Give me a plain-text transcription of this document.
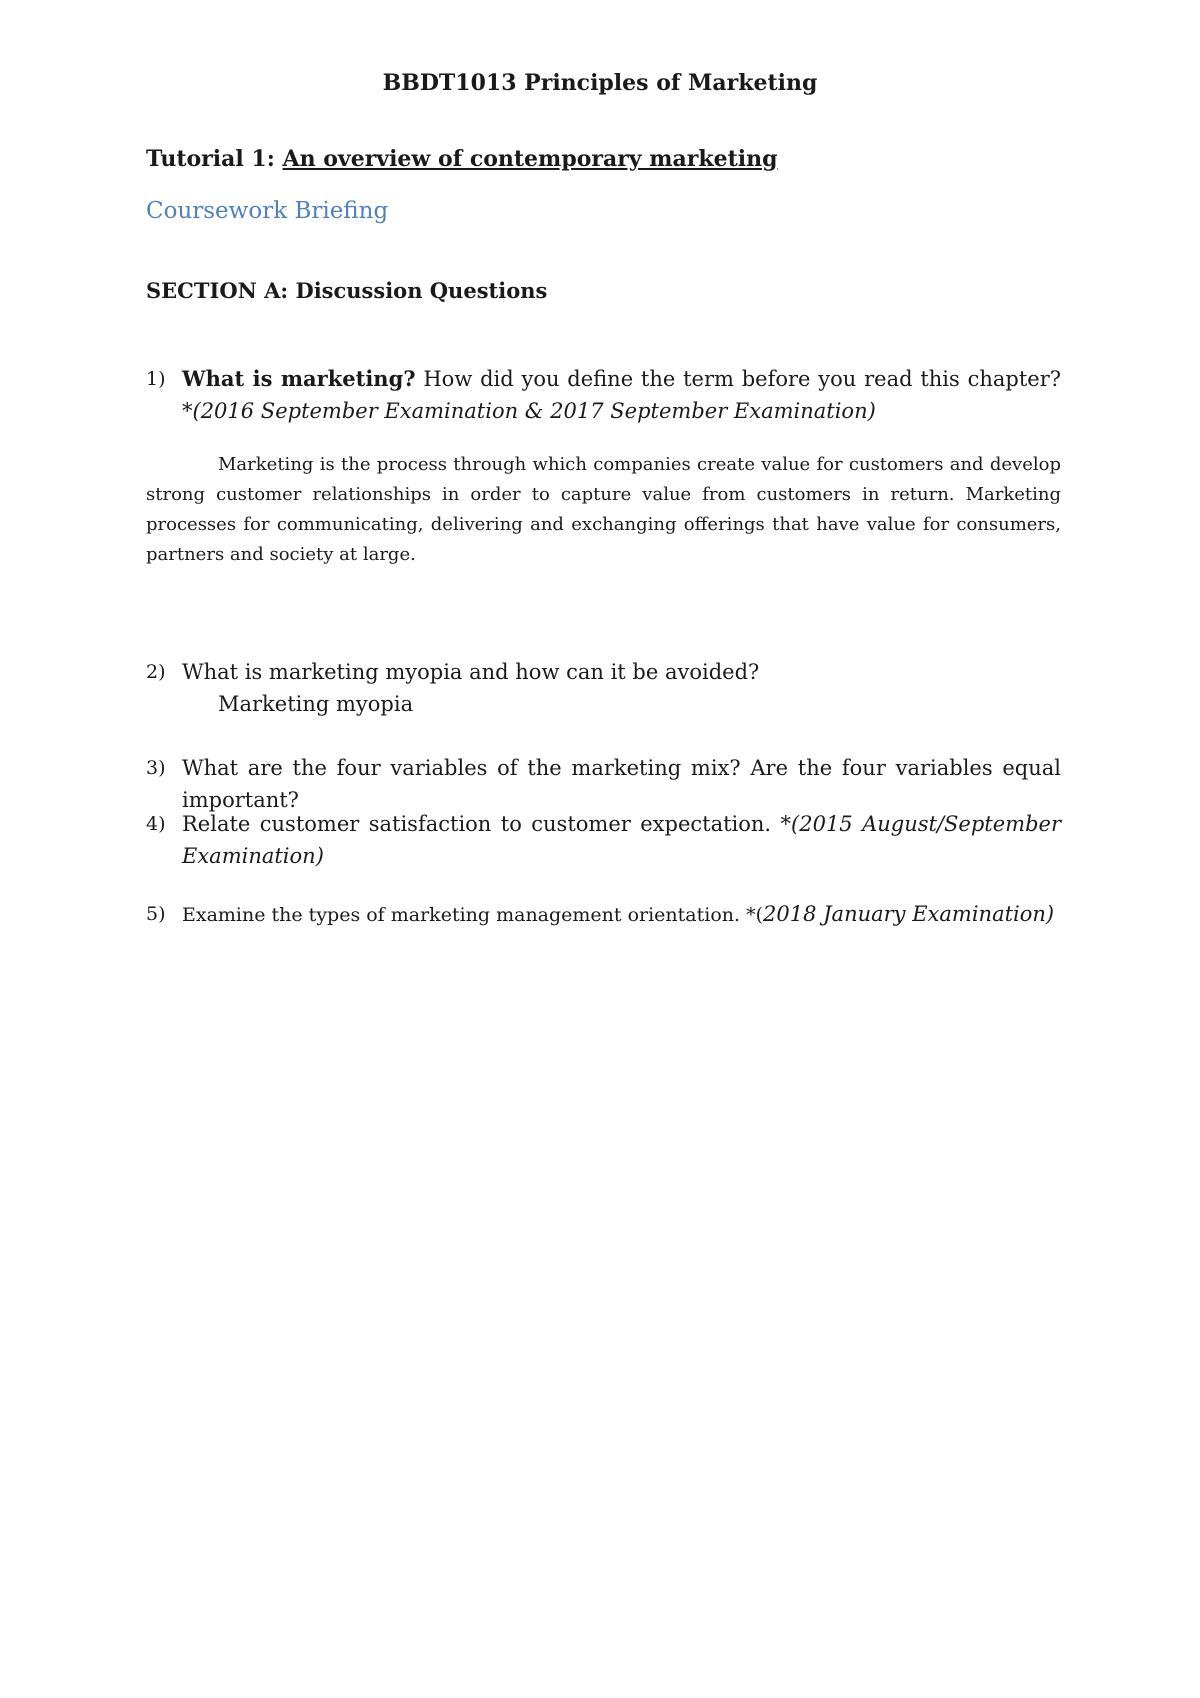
BBDT1013 Principles of Marketing
Tutorial 1: An overview of contemporary marketing
Coursework Briefing
SECTION A: Discussion Questions
1) What is marketing? How did you define the term before you read this chapter? *(2016 September Examination & 2017 September Examination)
Marketing is the process through which companies create value for customers and develop strong customer relationships in order to capture value from customers in return. Marketing processes for communicating, delivering and exchanging offerings that have value for consumers, partners and society at large.
2) What is marketing myopia and how can it be avoided?
Marketing myopia
3) What are the four variables of the marketing mix? Are the four variables equal important?
4) Relate customer satisfaction to customer expectation. *(2015 August/September Examination)
5) Examine the types of marketing management orientation. *(2018 January Examination)
